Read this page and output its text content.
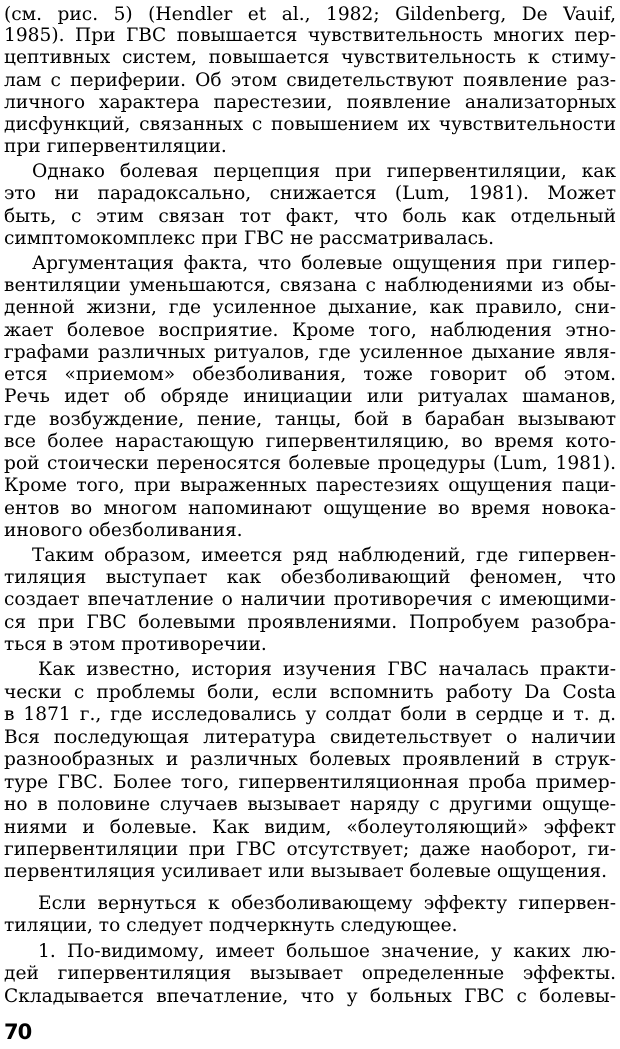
(см. рис. 5) (Hendler et al., 1982; Gildenberg, De Vauif,
1985). При ГВС повышается чувствительность многих пер-
цептивных систем, повышается чувствительность к стиму-
лам с периферии. Об этом свидетельствуют появление раз-
личного характера парестезии, появление анализаторных
дисфункций, связанных с повышением их чувствительности
при гипервентиляции.
Однако болевая перцепция при гипервентиляции, как
это ни парадоксально, снижается (Lum, 1981). Может
быть, с этим связан тот факт, что боль как отдельный
симптомокомплекс при ГВС не рассматривалась.
Аргументация факта, что болевые ощущения при гипер-
вентиляции уменьшаются, связана с наблюдениями из обы-
денной жизни, где усиленное дыхание, как правило, сни-
жает болевое восприятие. Кроме того, наблюдения этно-
графами различных ритуалов, где усиленное дыхание явля-
ется «приемом» обезболивания, тоже говорит об этом.
Речь идет об обряде инициации или ритуалах шаманов,
где возбуждение, пение, танцы, бой в барабан вызывают
все более нарастающую гипервентиляцию, во время кото-
рой стоически переносятся болевые процедуры (Lum, 1981).
Кроме того, при выраженных парестезиях ощущения паци-
ентов во многом напоминают ощущение во время новока-
инового обезболивания.
Таким образом, имеется ряд наблюдений, где гипервен-
тиляция выступает как обезболивающий феномен, что
создает впечатление о наличии противоречия с имеющими-
ся при ГВС болевыми проявлениями. Попробуем разобра-
ться в этом противоречии.
Как известно, история изучения ГВС началась практи-
чески с проблемы боли, если вспомнить работу Da Costa
в 1871 г., где исследовались у солдат боли в сердце и т. д.
Вся последующая литература свидетельствует о наличии
разнообразных и различных болевых проявлений в струк-
туре ГВС. Более того, гипервентиляционная проба пример-
но в половине случаев вызывает наряду с другими ощуще-
ниями и болевые. Как видим, «болеутоляющий» эффект
гипервентиляции при ГВС отсутствует; даже наоборот, ги-
первентиляция усиливает или вызывает болевые ощущения.
Если вернуться к обезболивающему эффекту гипервен-
тиляции, то следует подчеркнуть следующее.
1. По-видимому, имеет большое значение, у каких лю-
дей гипервентиляция вызывает определенные эффекты.
Складывается впечатление, что у больных ГВС с болевы-
70
